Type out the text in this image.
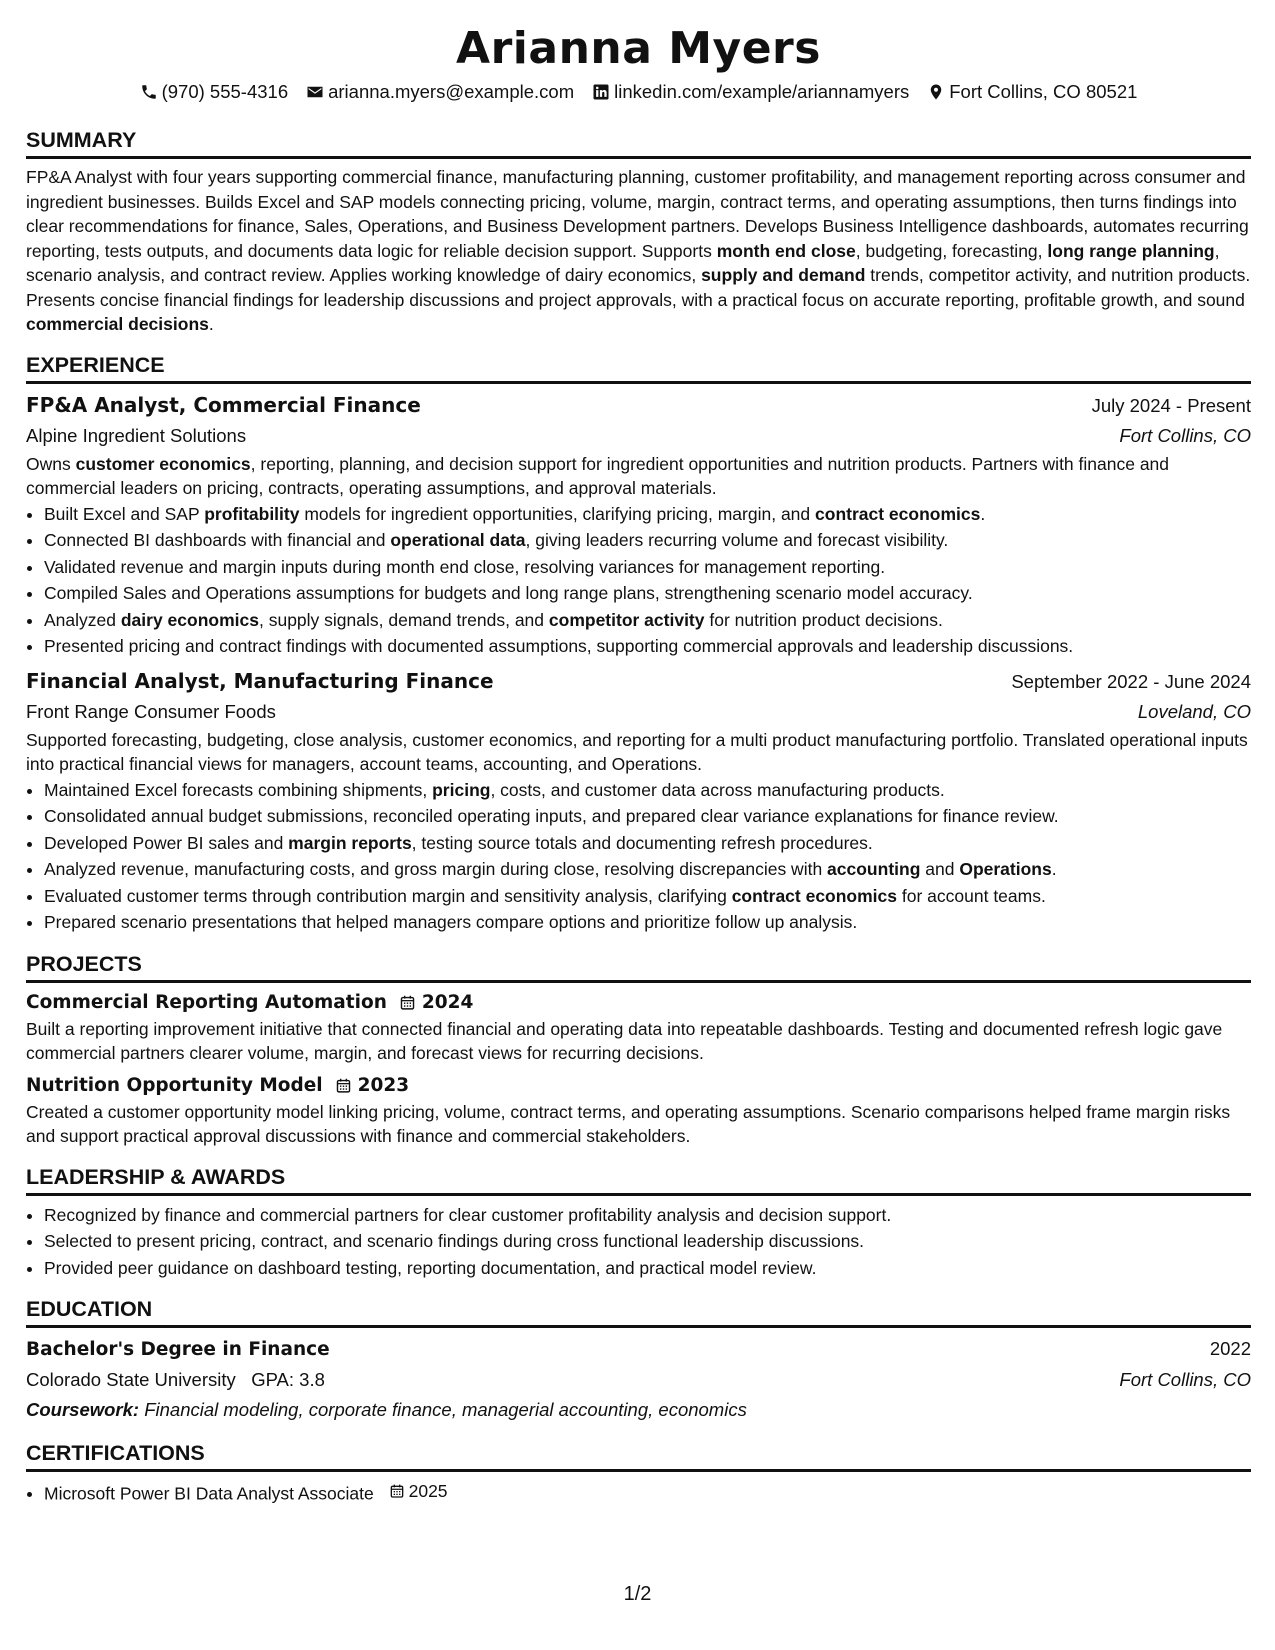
Arianna Myers
(970) 555-4316 arianna.myers@example.com linkedin.com/example/ariannamyers Fort Collins, CO 80521
SUMMARY

FP&A Analyst with four years supporting commercial finance, manufacturing planning, customer profitability, and management reporting across consumer and ingredient businesses. Builds Excel and SAP models connecting pricing, volume, margin, contract terms, and operating assumptions, then turns findings into clear recommendations for finance, Sales, Operations, and Business Development partners. Develops Business Intelligence dashboards, automates recurring reporting, tests outputs, and documents data logic for reliable decision support. Supports month end close, budgeting, forecasting, long range planning, scenario analysis, and contract review. Applies working knowledge of dairy economics, supply and demand trends, competitor activity, and nutrition products. Presents concise financial findings for leadership discussions and project approvals, with a practical focus on accurate reporting, profitable growth, and sound commercial decisions.

EXPERIENCE
FP&A Analyst, Commercial Finance	July 2024 - Present
Alpine Ingredient Solutions	Fort Collins, CO

Owns customer economics, reporting, planning, and decision support for ingredient opportunities and nutrition products. Partners with finance and commercial leaders on pricing, contracts, operating assumptions, and approval materials.

• Built Excel and SAP profitability models for ingredient opportunities, clarifying pricing, margin, and contract economics.
• Connected BI dashboards with financial and operational data, giving leaders recurring volume and forecast visibility.
• Validated revenue and margin inputs during month end close, resolving variances for management reporting.
• Compiled Sales and Operations assumptions for budgets and long range plans, strengthening scenario model accuracy.
• Analyzed dairy economics, supply signals, demand trends, and competitor activity for nutrition product decisions.
• Presented pricing and contract findings with documented assumptions, supporting commercial approvals and leadership discussions.
Financial Analyst, Manufacturing Finance	September 2022 - June 2024
Front Range Consumer Foods	Loveland, CO

Supported forecasting, budgeting, close analysis, customer economics, and reporting for a multi product manufacturing portfolio. Translated operational inputs into practical financial views for managers, account teams, accounting, and Operations.

• Maintained Excel forecasts combining shipments, pricing, costs, and customer data across manufacturing products.
• Consolidated annual budget submissions, reconciled operating inputs, and prepared clear variance explanations for finance review.
• Developed Power BI sales and margin reports, testing source totals and documenting refresh procedures.
• Analyzed revenue, manufacturing costs, and gross margin during close, resolving discrepancies with accounting and Operations.
• Evaluated customer terms through contribution margin and sensitivity analysis, clarifying contract economics for account teams.
• Prepared scenario presentations that helped managers compare options and prioritize follow up analysis.
PROJECTS
Commercial Reporting Automation 2024

Built a reporting improvement initiative that connected financial and operating data into repeatable dashboards. Testing and documented refresh logic gave commercial partners clearer volume, margin, and forecast views for recurring decisions.

Nutrition Opportunity Model 2023

Created a customer opportunity model linking pricing, volume, contract terms, and operating assumptions. Scenario comparisons helped frame margin risks and support practical approval discussions with finance and commercial stakeholders.

LEADERSHIP & AWARDS
• Recognized by finance and commercial partners for clear customer profitability analysis and decision support.
• Selected to present pricing, contract, and scenario findings during cross functional leadership discussions.
• Provided peer guidance on dashboard testing, reporting documentation, and practical model review.
EDUCATION
Bachelor's Degree in Finance	2022
Colorado State University GPA: 3.8	Fort Collins, CO
Coursework: Financial modeling, corporate finance, managerial accounting, economics
CERTIFICATIONS
• Microsoft Power BI Data Analyst Associate 2025
1/2
